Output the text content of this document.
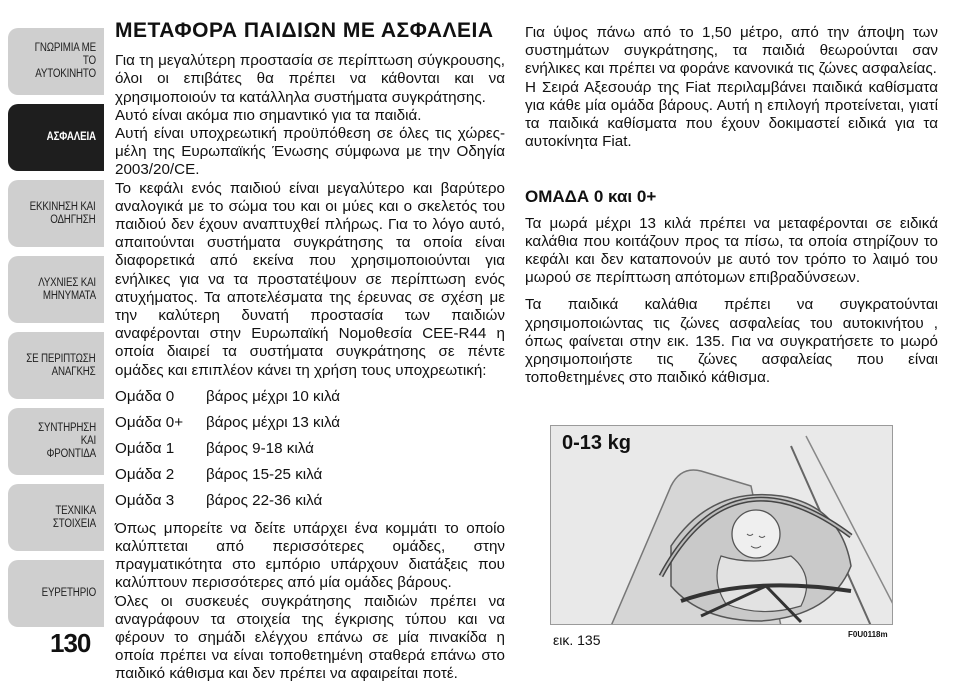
ΓΝΩΡΙΜΙΑ ΜΕ ΤΟ
ΑΥΤΟΚΙΝΗΤΟ
ΑΣΦΑΛΕΙΑ
ΕΚΚΙΝΗΣΗ ΚΑΙ
ΟΔΗΓΗΣΗ
ΛΥΧΝΙΕΣ ΚΑΙ
ΜΗΝΥΜΑΤΑ
ΣΕ ΠΕΡΙΠΤΩΣΗ
ΑΝΑΓΚΗΣ
ΣΥΝΤΗΡΗΣΗ ΚΑΙ
ΦΡΟΝΤΙΔΑ
ΤΕΧΝΙΚΑ ΣΤΟΙΧΕΙΑ
ΕΥΡΕΤΗΡΙΟ
130
ΜΕΤΑΦΟΡΑ ΠΑΙΔΙΩΝ ΜΕ ΑΣΦΑΛΕΙΑ

Για τη μεγαλύτερη προστασία σε περίπτωση σύγκρουσης, όλοι οι επιβάτες θα πρέπει να κάθονται και να χρησιμοποιούν τα κατάλληλα συστήματα συγκράτησης.

Αυτό είναι ακόμα πιο σημαντικό για τα παιδιά.

Αυτή είναι υποχρεωτική προϋπόθεση σε όλες τις χώρες-μέλη της Ευρωπαϊκής Ένωσης σύμφωνα με την Οδηγία 2003/20/CE.

Το κεφάλι ενός παιδιού είναι μεγαλύτερο και βαρύτερο αναλογικά με το σώμα του και οι μύες και ο σκελετός του παιδιού δεν έχουν αναπτυχθεί πλήρως. Για το λόγο αυτό, απαιτούνται συστήματα συγκράτησης τα οποία είναι διαφορετικά από εκείνα που χρησιμοποιούνται για ενήλικες για να τα προστατέψουν σε περίπτωση ενός ατυχήματος. Τα αποτελέσματα της έρευνας σε σχέση με την καλύτερη δυνατή προστασία των παιδιών αναφέρονται στην Ευρωπαϊκή Νομοθεσία CEE-R44 η οποία διαιρεί τα συστήματα συγκράτησης σε πέντε ομάδες και επιπλέον κάνει τη χρήση τους υποχρεωτική:

Ομάδα 0	βάρος μέχρι 10 κιλά
Ομάδα 0+	βάρος μέχρι 13 κιλά
Ομάδα 1	βάρος 9-18 κιλά
Ομάδα 2	βάρος 15-25 κιλά
Ομάδα 3	βάρος 22-36 κιλά

Όπως μπορείτε να δείτε υπάρχει ένα κομμάτι το οποίο καλύπτεται από περισσότερες ομάδες, στην πραγματικότητα στο εμπόριο υπάρχουν διατάξεις που καλύπτουν περισσότερες από μία ομάδες βάρους.

Όλες οι συσκευές συγκράτησης παιδιών πρέπει να αναγράφουν τα στοιχεία της έγκρισης τύπου και να φέρουν το σημάδι ελέγχου επάνω σε μία πινακίδα η οποία πρέπει να είναι τοποθετημένη σταθερά επάνω στο παιδικό κάθισμα και δεν πρέπει να αφαιρείται ποτέ.

Για ύψος πάνω από το 1,50 μέτρο, από την άποψη των συστημάτων συγκράτησης, τα παιδιά θεωρούνται σαν ενήλικες και πρέπει να φοράνε κανονικά τις ζώνες ασφαλείας.

Η Σειρά Αξεσουάρ της Fiat περιλαμβάνει παιδικά καθίσματα για κάθε μία ομάδα βάρους. Αυτή η επιλογή προτείνεται, γιατί τα παιδικά καθίσματα που έχουν δοκιμαστεί ειδικά για τα αυτοκίνητα Fiat.

ΟΜΑΔΑ 0 και 0+

Τα μωρά μέχρι 13 κιλά πρέπει να μεταφέρονται σε ειδικά καλάθια που κοιτάζουν προς τα πίσω, τα οποία στηρίζουν το κεφάλι και δεν καταπονούν με αυτό τον τρόπο το λαιμό του μωρού σε περίπτωση απότομων επιβραδύνσεων.

Τα παιδικά καλάθια πρέπει να συγκρατούνται χρησιμοποιώντας τις ζώνες ασφαλείας του αυτοκινήτου , όπως φαίνεται στην εικ. 135. Για να συγκρατήσετε το μωρό χρησιμοποιήστε τις ζώνες ασφαλείας που είναι τοποθετημένες στο παιδικό κάθισμα.

0-13 kg
εικ. 135	F0U0118m
